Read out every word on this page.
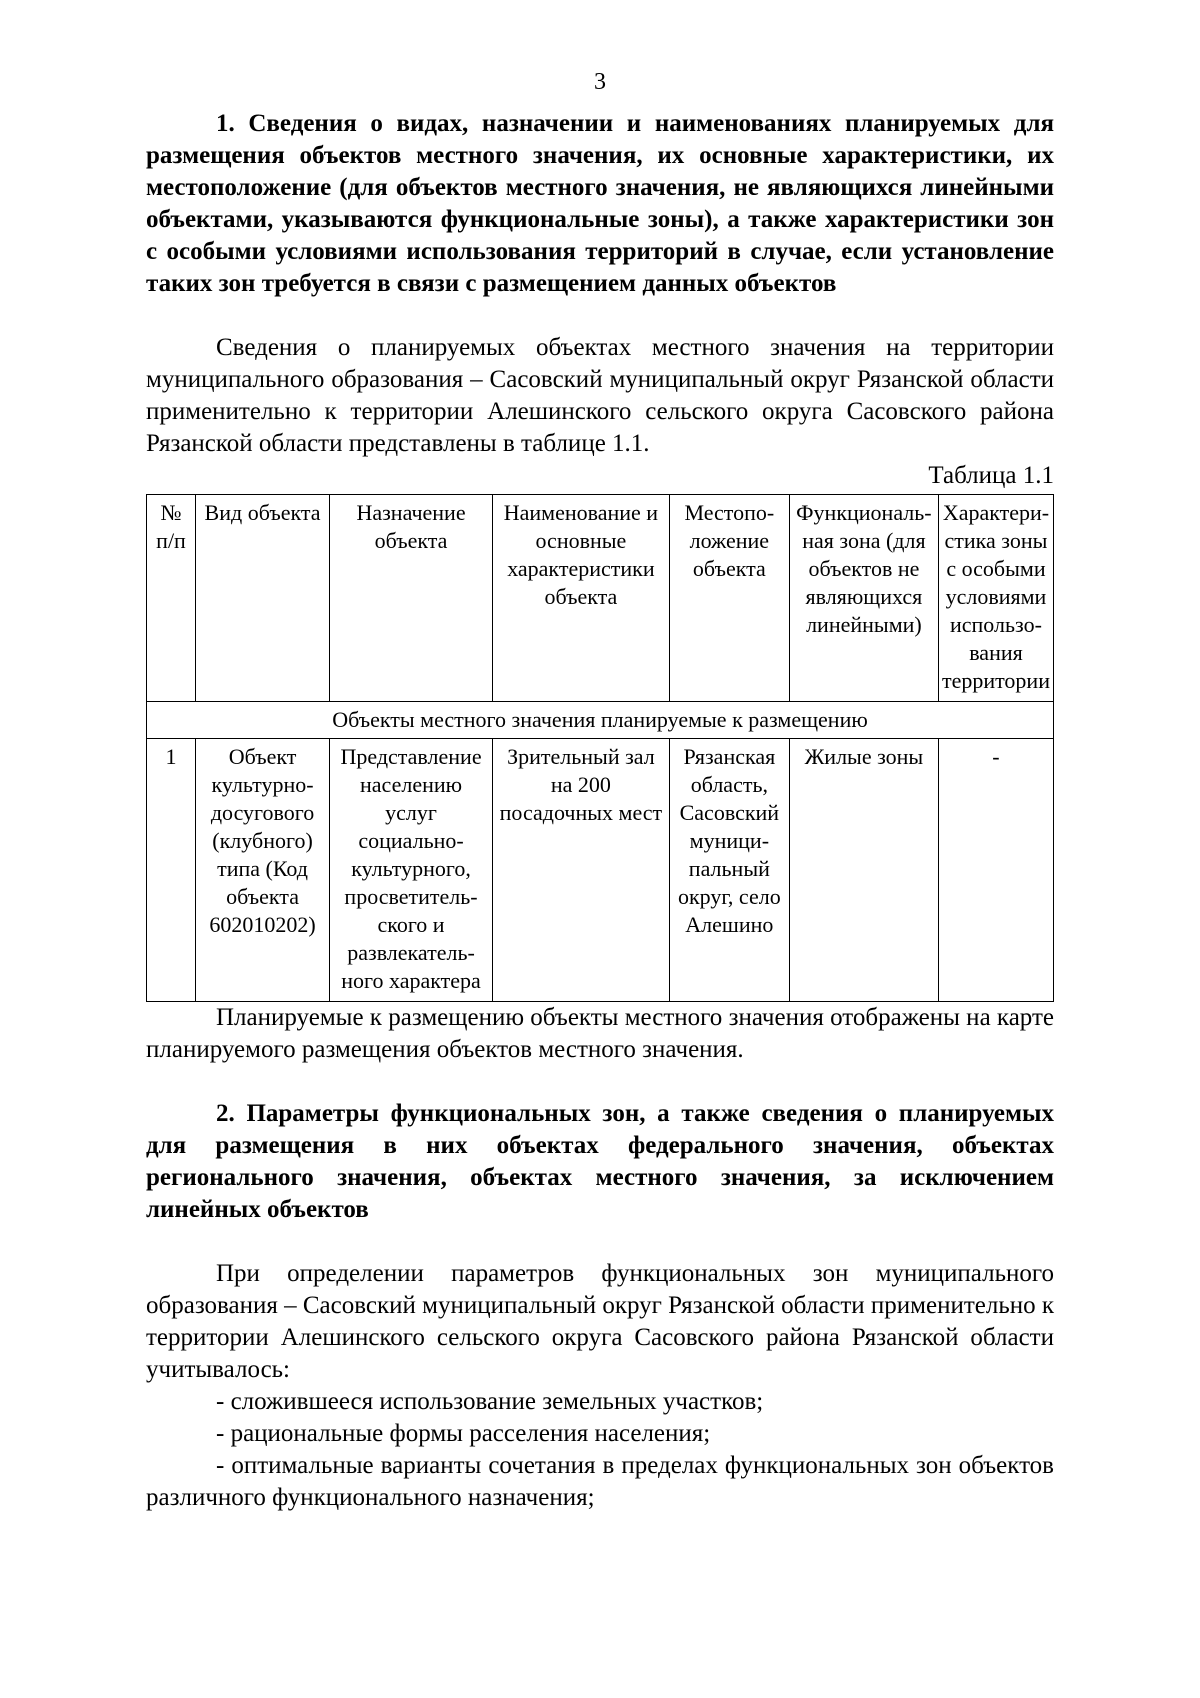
3

1. Сведения о видах, назначении и наименованиях планируемых для размещения объектов местного значения, их основные характеристики, их местоположение (для объектов местного значения, не являющихся линейными объектами, указываются функциональные зоны), а также характеристики зон с особыми условиями использования территорий в случае, если установление таких зон требуется в связи с размещением данных объектов

Сведения о планируемых объектах местного значения на территории муниципального образования – Сасовский муниципальный округ Рязанской области применительно к территории Алешинского сельского округа Сасовского района Рязанской области представлены в таблице 1.1.

Таблица 1.1

№ п/п	Вид объекта	Назначение объекта	Наименование и основные характеристики объекта	Местопо-ложение объекта	Функциональ-ная зона (для объектов не являющихся линейными)	Характери-стика зоны с особыми условиями использо-вания территории
Объекты местного значения планируемые к размещению						
1	Объект культурно-досугового (клубного) типа (Код объекта 602010202)	Представление населению услуг социально-культурного, просветитель-ского и развлекатель-ного характера	Зрительный зал на 200 посадочных мест	Рязанская область, Сасовский муници-пальный округ, село Алешино	Жилые зоны	-

Планируемые к размещению объекты местного значения отображены на карте планируемого размещения объектов местного значения.

2. Параметры функциональных зон, а также сведения о планируемых для размещения в них объектах федерального значения, объектах регионального значения, объектах местного значения, за исключением линейных объектов

При определении параметров функциональных зон муниципального образования – Сасовский муниципальный округ Рязанской области применительно к территории Алешинского сельского округа Сасовского района Рязанской области учитывалось:

- сложившееся использование земельных участков;

- рациональные формы расселения населения;

- оптимальные варианты сочетания в пределах функциональных зон объектов различного функционального назначения;
